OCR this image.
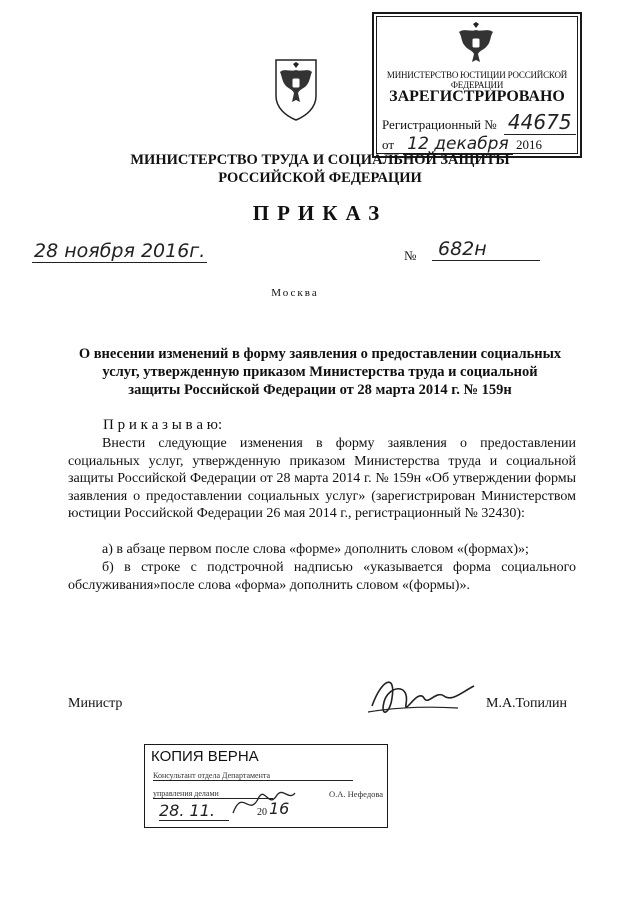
МИНИСТЕРСТВО ЮСТИЦИИ РОССИЙСКОЙ ФЕДЕРАЦИИ
ЗАРЕГИСТРИРОВАНО
Регистрационный № 44675
от 12 декабря 2016
МИНИСТЕРСТВО ТРУДА И СОЦИАЛЬНОЙ ЗАЩИТЫ
РОССИЙСКОЙ ФЕДЕРАЦИИ
ПРИКАЗ
28 ноября 2016г.	№	682н
Москва
О внесении изменений в форму заявления о предоставлении социальных
услуг, утвержденную приказом Министерства труда и социальной
защиты Российской Федерации от 28 марта 2014 г. № 159н
П р и к а з ы в а ю:
Внести следующие изменения в форму заявления о предоставлении социальных услуг, утвержденную приказом Министерства труда и социальной защиты Российской Федерации от 28 марта 2014 г. № 159н «Об утверждении формы заявления о предоставлении социальных услуг» (зарегистрирован Министерством юстиции Российской Федерации 26 мая 2014 г., регистрационный № 32430):
а) в абзаце первом после слова «форме» дополнить словом «(формах)»;
б) в строке с подстрочной надписью «указывается форма социального обслуживания»после слова «форма» дополнить словом «(формы)».
Министр	М.А.Топилин
КОПИЯ ВЕРНА
Консультант отдела Департамента
управления делами	О.А. Нефедова
28. 11.	20 16
